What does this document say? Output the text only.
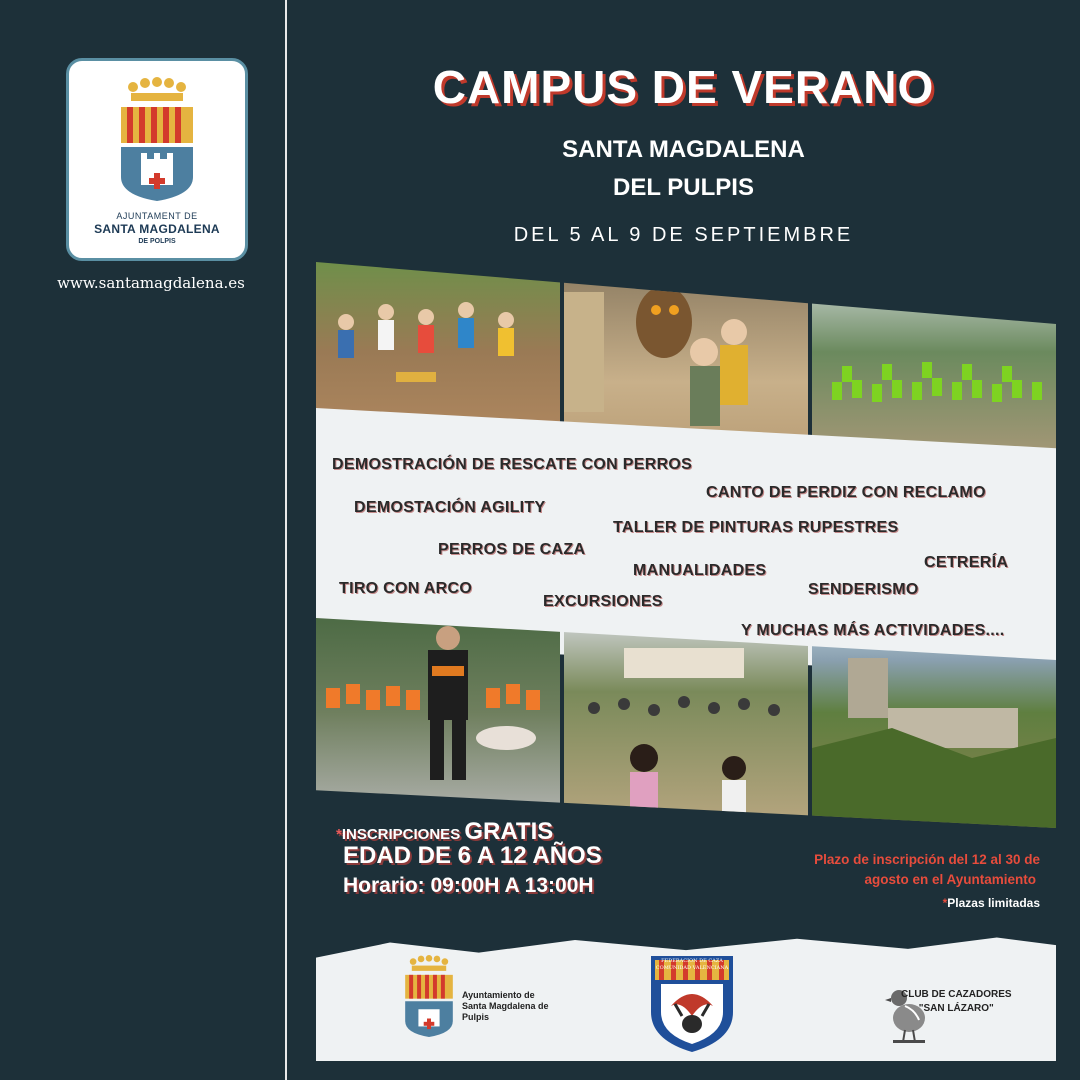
AJUNTAMENT DE
SANTA MAGDALENA
DE POLPIS
www.santamagdalena.es
CAMPUS DE VERANO
SANTA MAGDALENA
DEL PULPIS
DEL 5 AL 9 DE SEPTIEMBRE
DEMOSTRACIÓN DE RESCATE CON PERROS
CANTO DE PERDIZ CON RECLAMO
DEMOSTACIÓN AGILITY
TALLER DE PINTURAS RUPESTRES
PERROS DE CAZA
CETRERÍA
MANUALIDADES
TIRO CON ARCO	SENDERISMO
EXCURSIONES
Y MUCHAS MÁS ACTIVIDADES....
*INSCRIPCIONES GRATIS
EDAD DE 6 A 12 AÑOS
Horario: 09:00H A 13:00H
Plazo de inscripción del 12 al 30 de
agosto en el Ayuntamiento
*Plazas limitadas
Ayuntamiento de
Santa Magdalena de
Pulpis
FEDERACION DE CAZA
COMUNIDAD VALENCIANA
CLUB DE CAZADORES
"SAN LÁZARO"
